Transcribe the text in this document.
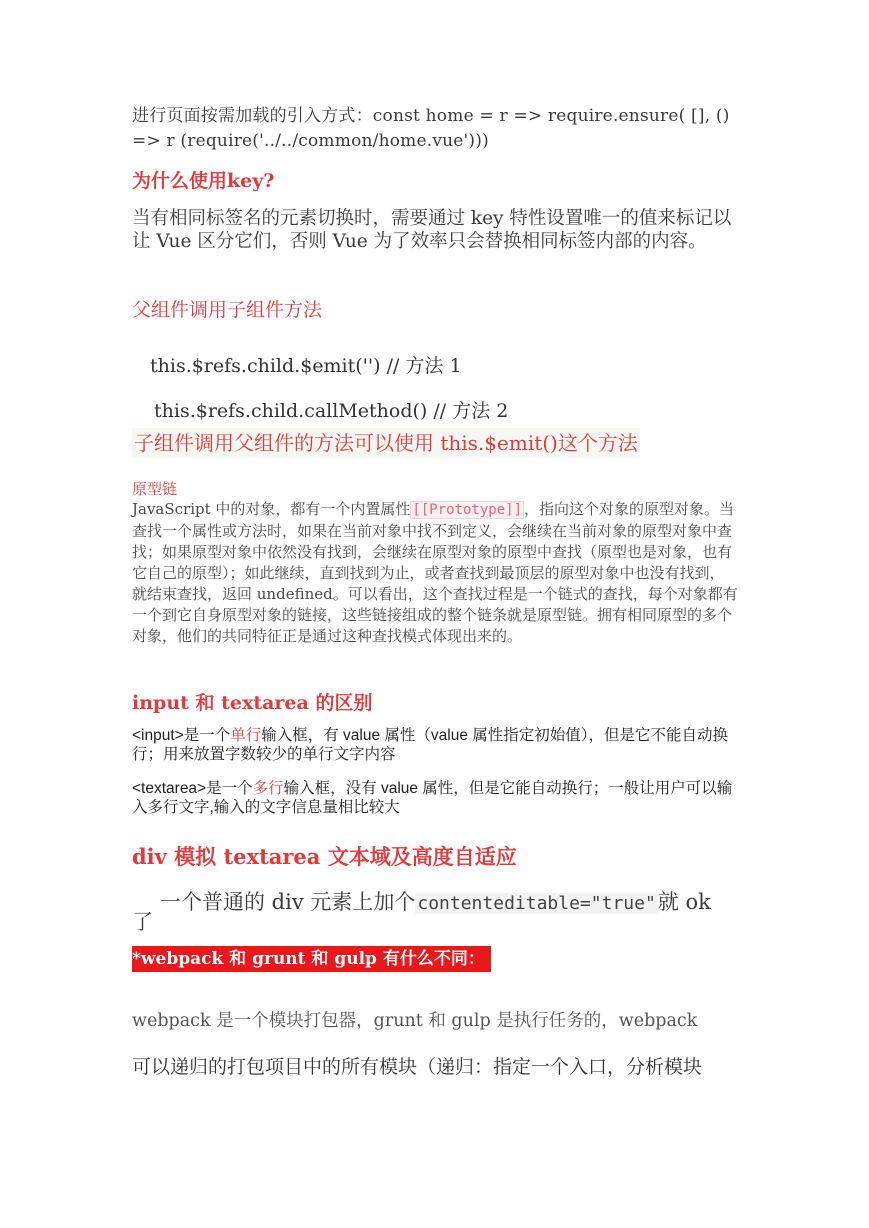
进行页面按需加载的引入方式：const home = r => require.ensure( [], () => r (require('../../common/home.vue')))

为什么使用key?

当有相同标签名的元素切换时，需要通过 key 特性设置唯一的值来标记以让 Vue 区分它们，否则 Vue 为了效率只会替换相同标签内部的内容。

父组件调用子组件方法
this.$refs.child.$emit('') // 方法 1
this.$refs.child.callMethod() // 方法 2
子组件调用父组件的方法可以使用 this.$emit()这个方法
原型链

JavaScript 中的对象，都有一个内置属性 [[Prototype]] ，指向这个对象的原型对象。当查找一个属性或方法时，如果在当前对象中找不到定义，会继续在当前对象的原型对象中查找；如果原型对象中依然没有找到，会继续在原型对象的原型中查找（原型也是对象，也有它自己的原型）；如此继续，直到找到为止，或者查找到最顶层的原型对象中也没有找到，就结束查找，返回 undefined。可以看出，这个查找过程是一个链式的查找，每个对象都有一个到它自身原型对象的链接，这些链接组成的整个链条就是原型链。拥有相同原型的多个对象，他们的共同特征正是通过这种查找模式体现出来的。

input 和 textarea 的区别

<input>是一个单行输入框，有 value 属性（value 属性指定初始值），但是它不能自动换行；用来放置字数较少的单行文字内容

<textarea>是一个多行输入框，没有 value 属性，但是它能自动换行；一般让用户可以输入多行文字,输入的文字信息量相比较大

div 模拟 textarea 文本域及高度自适应
一个普通的 div 元素上加个 contenteditable="true"就 ok
了
*webpack 和 grunt 和 gulp 有什么不同：
webpack 是一个模块打包器，grunt 和 gulp 是执行任务的，webpack
可以递归的打包项目中的所有模块（递归：指定一个入口，分析模块
